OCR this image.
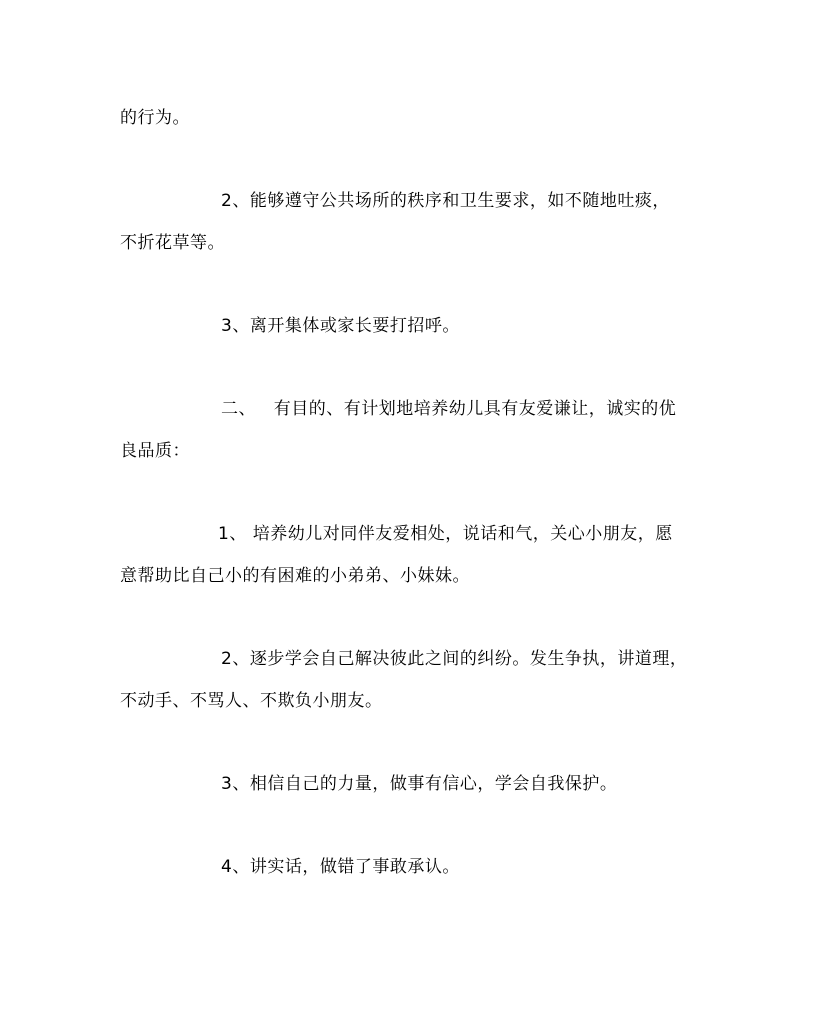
的行为。
2、能够遵守公共场所的秩序和卫生要求，如不随地吐痰，
不折花草等。
3、离开集体或家长要打招呼。
二、   有目的、有计划地培养幼儿具有友爱谦让，诚实的优
良品质：
1、 培养幼儿对同伴友爱相处，说话和气，关心小朋友，愿
意帮助比自己小的有困难的小弟弟、小妹妹。
2、逐步学会自己解决彼此之间的纠纷。发生争执，讲道理，
不动手、不骂人、不欺负小朋友。
3、相信自己的力量，做事有信心，学会自我保护。
4、讲实话，做错了事敢承认。
